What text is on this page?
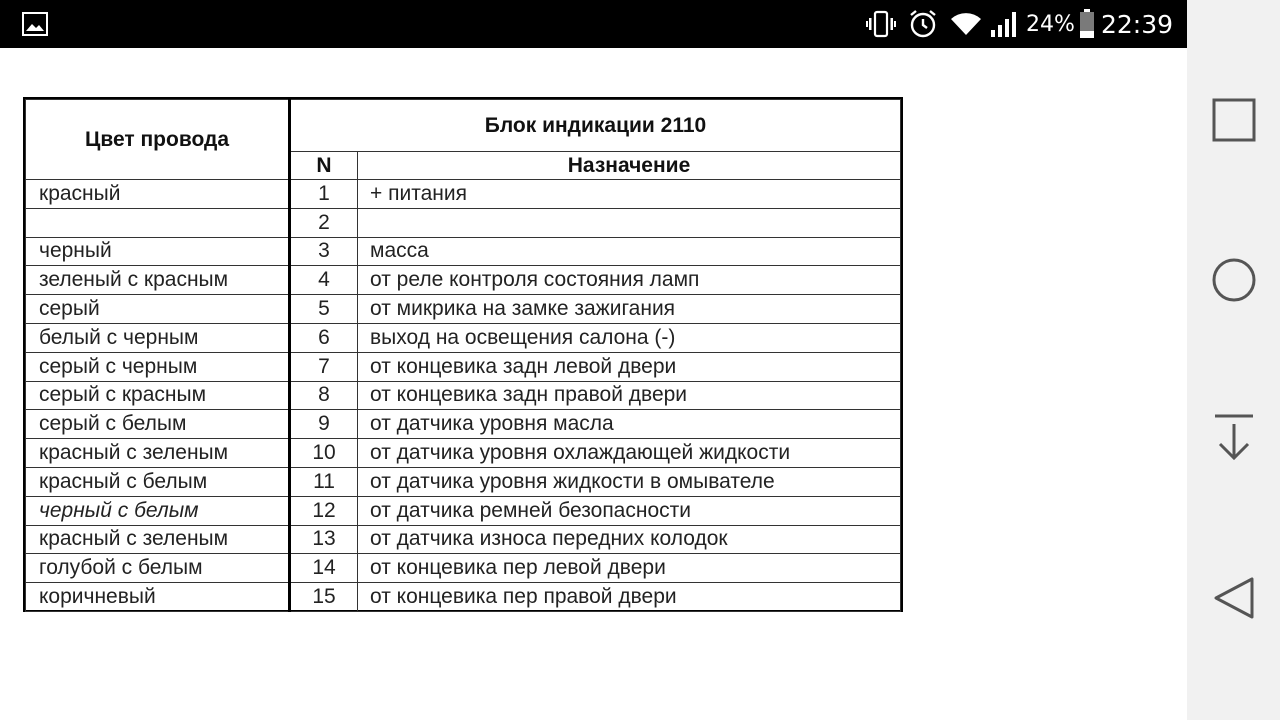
24% 22:39
Цвет провода	Блок индикации 2110	
	N	Назначение
красный	1	+ питания
	2	
черный	3	масса
зеленый с красным	4	от реле контроля состояния ламп
серый	5	от микрика на замке зажигания
белый с черным	6	выход на освещения салона (-)
серый с черным	7	от концевика задн левой двери
серый с красным	8	от концевика задн правой двери
серый с белым	9	от датчика уровня масла
красный с зеленым	10	от датчика уровня охлаждающей жидкости
красный с белым	11	от датчика уровня жидкости в омывателе
черный с белым	12	от датчика ремней безопасности
красный с зеленым	13	от датчика износа передних колодок
голубой с белым	14	от концевика пер левой двери
коричневый	15	от концевика пер правой двери
